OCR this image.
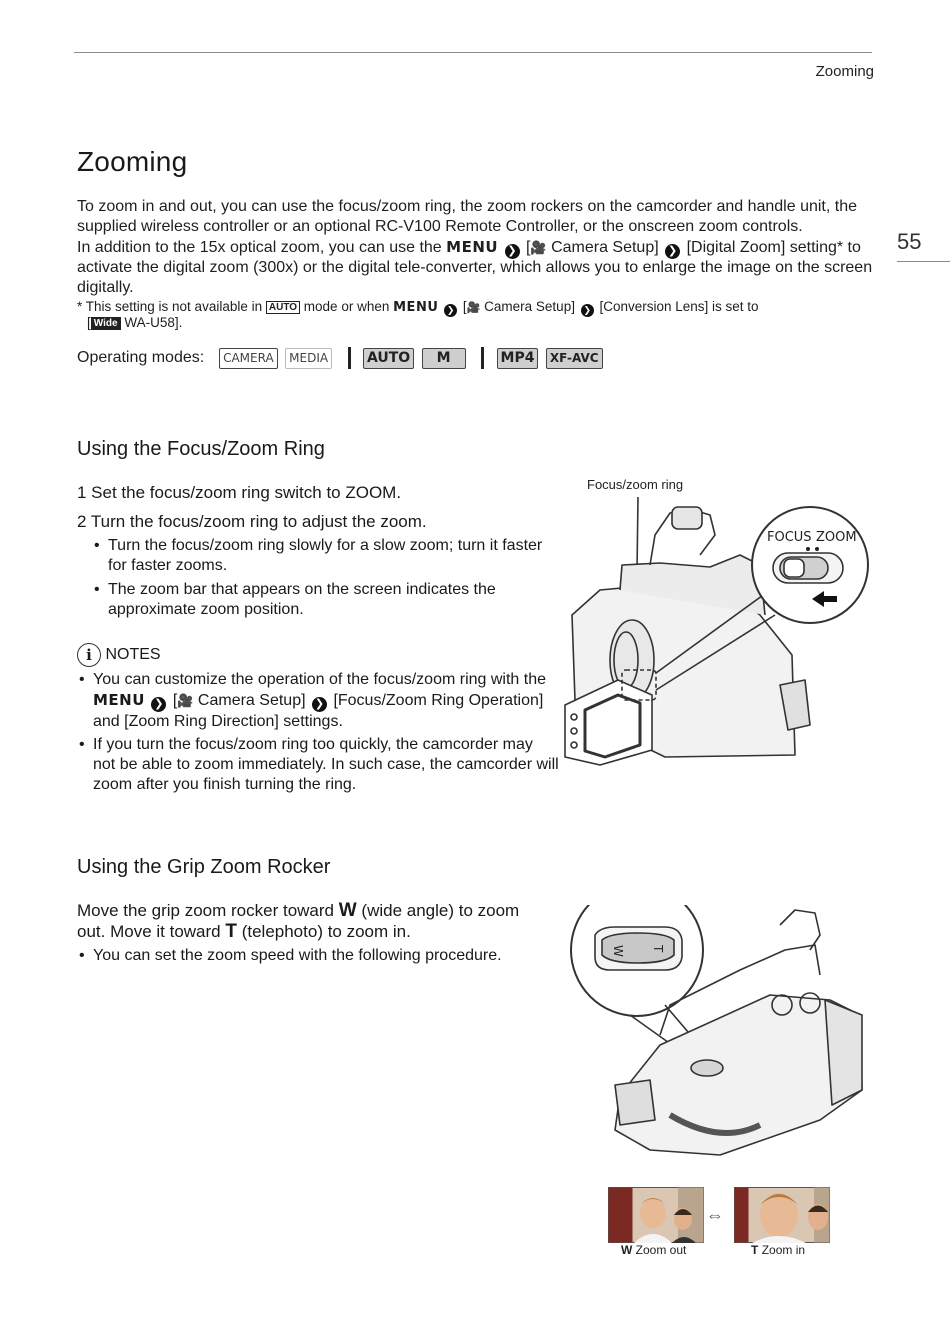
Zooming
55
Zooming
To zoom in and out, you can use the focus/zoom ring, the zoom rockers on the camcorder and handle unit, the
supplied wireless controller or an optional RC-V100 Remote Controller, or the onscreen zoom controls.
In addition to the 15x optical zoom, you can use the MENU ❯ [🎥 Camera Setup] ❯ [Digital Zoom] setting* to
activate the digital zoom (300x) or the digital tele-converter, which allows you to enlarge the image on the screen
digitally.
* This setting is not available in AUTO mode or when MENU ❯ [🎥 Camera Setup] ❯ [Conversion Lens] is set to
[ Wide WA-U58].
Operating modes: CAMERA MEDIA	AUTO M	MP4 XF-AVC
Using the Focus/Zoom Ring
1 Set the focus/zoom ring switch to ZOOM.
2 Turn the focus/zoom ring to adjust the zoom.
• Turn the focus/zoom ring slowly for a slow zoom; turn it faster
for faster zooms.
• The zoom bar that appears on the screen indicates the
approximate zoom position.
i NOTES
• You can customize the operation of the focus/zoom ring with the
MENU ❯ [🎥 Camera Setup] ❯ [Focus/Zoom Ring Operation]
and [Zoom Ring Direction] settings.
• If you turn the focus/zoom ring too quickly, the camcorder may
not be able to zoom immediately. In such case, the camcorder will
zoom after you finish turning the ring.
Focus/zoom ring
FOCUS ZOOM
Using the Grip Zoom Rocker
Move the grip zoom rocker toward W (wide angle) to zoom
out. Move it toward T (telephoto) to zoom in.
• You can set the zoom speed with the following procedure.	W T
⇔
W Zoom out	T Zoom in
